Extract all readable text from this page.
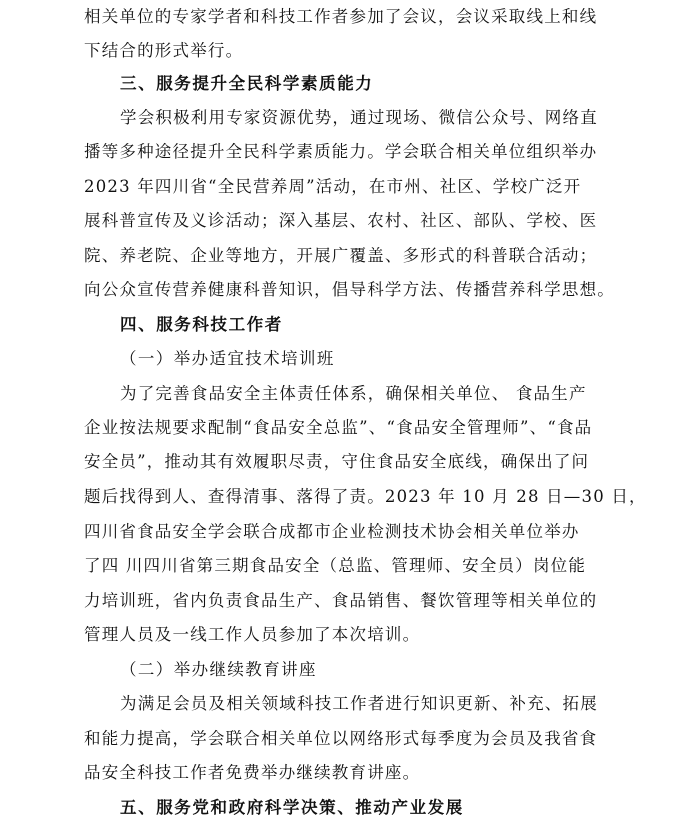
相关单位的专家学者和科技工作者参加了会议，会议采取线上和线
下结合的形式举行。
三、服务提升全民科学素质能力
学会积极利用专家资源优势，通过现场、微信公众号、网络直
播等多种途径提升全民科学素质能力。学会联合相关单位组织举办
2023 年四川省“全民营养周”活动，在市州、社区、学校广泛开
展科普宣传及义诊活动；深入基层、农村、社区、部队、学校、医
院、养老院、企业等地方，开展广覆盖、多形式的科普联合活动；
向公众宣传营养健康科普知识，倡导科学方法、传播营养科学思想。
四、服务科技工作者
（一）举办适宜技术培训班
为了完善食品安全主体责任体系，确保相关单位、 食品生产
企业按法规要求配制“食品安全总监”、“食品安全管理师”、“食品
安全员”，推动其有效履职尽责，守住食品安全底线，确保出了问
题后找得到人、查得清事、落得了责。2023 年 10 月 28 日—30 日，
四川省食品安全学会联合成都市企业检测技术协会相关单位举办
了四 川四川省第三期食品安全（总监、管理师、安全员）岗位能
力培训班，省内负责食品生产、食品销售、餐饮管理等相关单位的
管理人员及一线工作人员参加了本次培训。
（二）举办继续教育讲座
为满足会员及相关领域科技工作者进行知识更新、补充、拓展
和能力提高，学会联合相关单位以网络形式每季度为会员及我省食
品安全科技工作者免费举办继续教育讲座。
五、服务党和政府科学决策、推动产业发展
